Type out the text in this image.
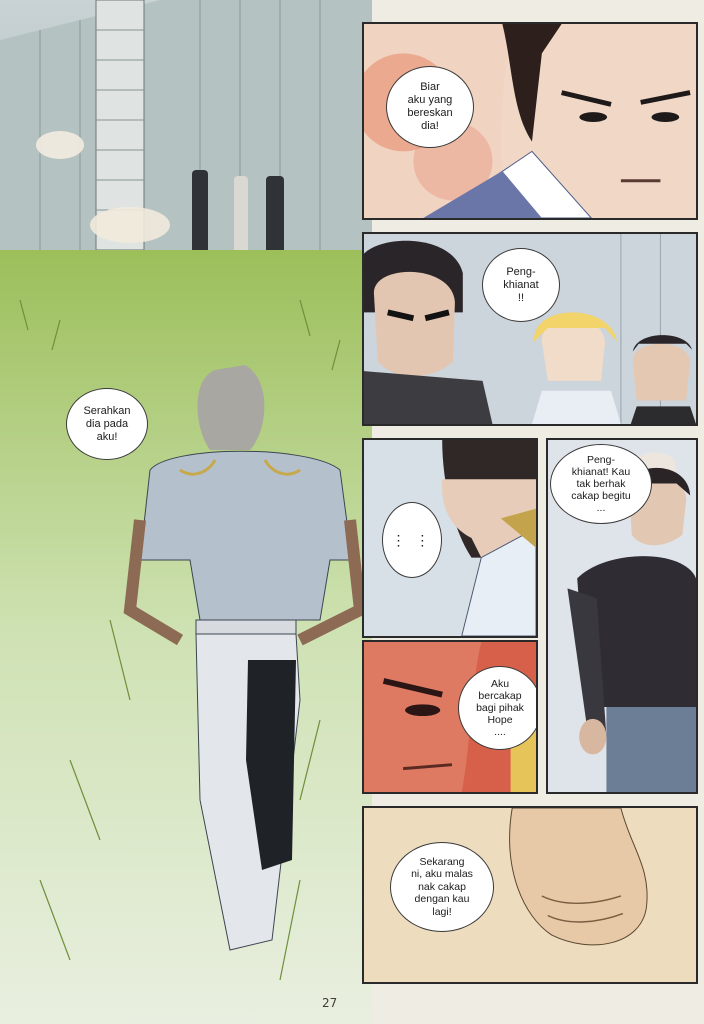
Serahkan
dia pada
aku!
Biar
aku yang
bereskan
dia!
Peng-
khianat
!!
⋮ ⋮
Peng-
khianat! Kau
tak berhak
cakap begitu
...
Aku
bercakap
bagi pihak
Hope
....
Sekarang
ni, aku malas
nak cakap
dengan kau
lagi!
27
